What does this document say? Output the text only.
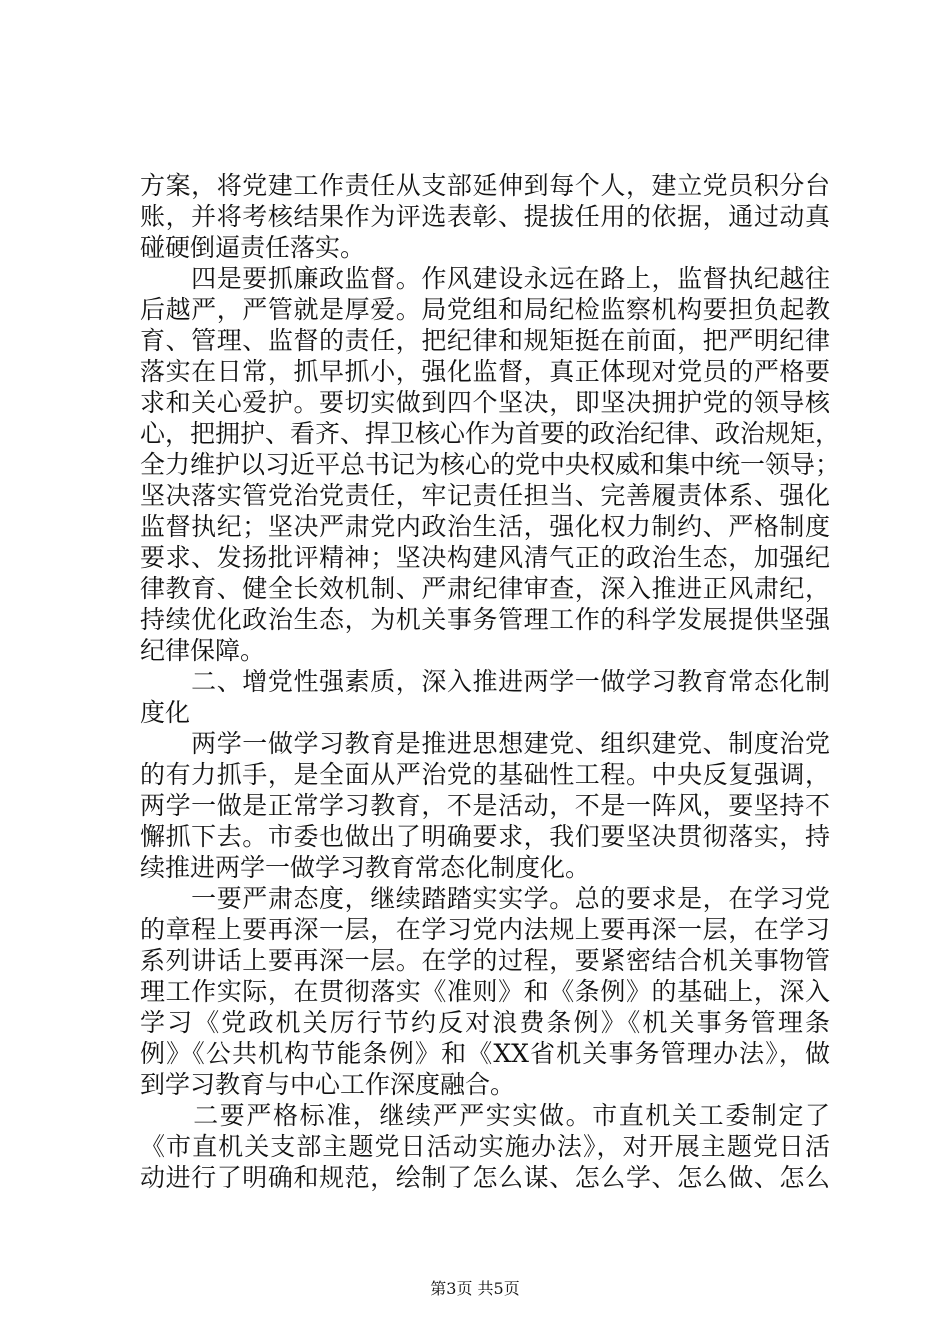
方案，将党建工作责任从支部延伸到每个人，建立党员积分台
账，并将考核结果作为评选表彰、提拔任用的依据，通过动真
碰硬倒逼责任落实。
　　四是要抓廉政监督。作风建设永远在路上，监督执纪越往
后越严，严管就是厚爱。局党组和局纪检监察机构要担负起教
育、管理、监督的责任，把纪律和规矩挺在前面，把严明纪律
落实在日常，抓早抓小，强化监督，真正体现对党员的严格要
求和关心爱护。要切实做到四个坚决，即坚决拥护党的领导核
心，把拥护、看齐、捍卫核心作为首要的政治纪律、政治规矩，
全力维护以习近平总书记为核心的党中央权威和集中统一领导；
坚决落实管党治党责任，牢记责任担当、完善履责体系、强化
监督执纪；坚决严肃党内政治生活，强化权力制约、严格制度
要求、发扬批评精神；坚决构建风清气正的政治生态，加强纪
律教育、健全长效机制、严肃纪律审查，深入推进正风肃纪，
持续优化政治生态，为机关事务管理工作的科学发展提供坚强
纪律保障。
　　二、增党性强素质，深入推进两学一做学习教育常态化制
度化
　　两学一做学习教育是推进思想建党、组织建党、制度治党
的有力抓手，是全面从严治党的基础性工程。中央反复强调，
两学一做是正常学习教育，不是活动，不是一阵风，要坚持不
懈抓下去。市委也做出了明确要求，我们要坚决贯彻落实，持
续推进两学一做学习教育常态化制度化。
　　一要严肃态度，继续踏踏实实学。总的要求是，在学习党
的章程上要再深一层，在学习党内法规上要再深一层，在学习
系列讲话上要再深一层。在学的过程，要紧密结合机关事物管
理工作实际，在贯彻落实《准则》和《条例》的基础上，深入
学习《党政机关厉行节约反对浪费条例》《机关事务管理条
例》《公共机构节能条例》和《XX省机关事务管理办法》，做
到学习教育与中心工作深度融合。
　　二要严格标准，继续严严实实做。市直机关工委制定了
《市直机关支部主题党日活动实施办法》，对开展主题党日活
动进行了明确和规范，绘制了怎么谋、怎么学、怎么做、怎么
第3页 共5页
